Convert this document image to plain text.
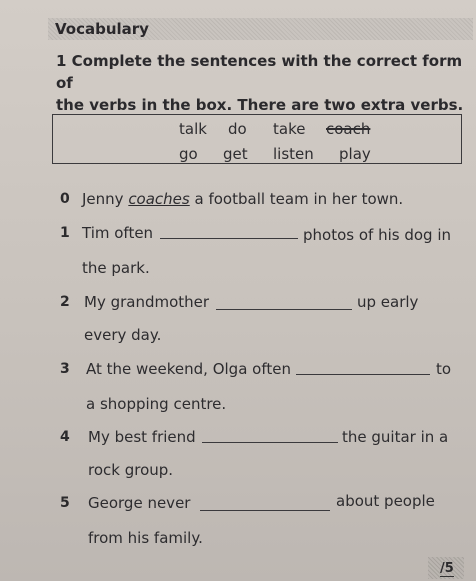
Vocabulary
1 Complete the sentences with the correct form of
the verbs in the box. There are two extra verbs.
talk do take coach
go get listen play
0 Jenny coaches a football team in her town.
1 Tim often	photos of his dog in
the park.
2 My grandmother	up early
every day.
3 At the weekend, Olga often	to
a shopping centre.
4 My best friend	the guitar in a
rock group.
5 George never	about people
from his family.
/5
